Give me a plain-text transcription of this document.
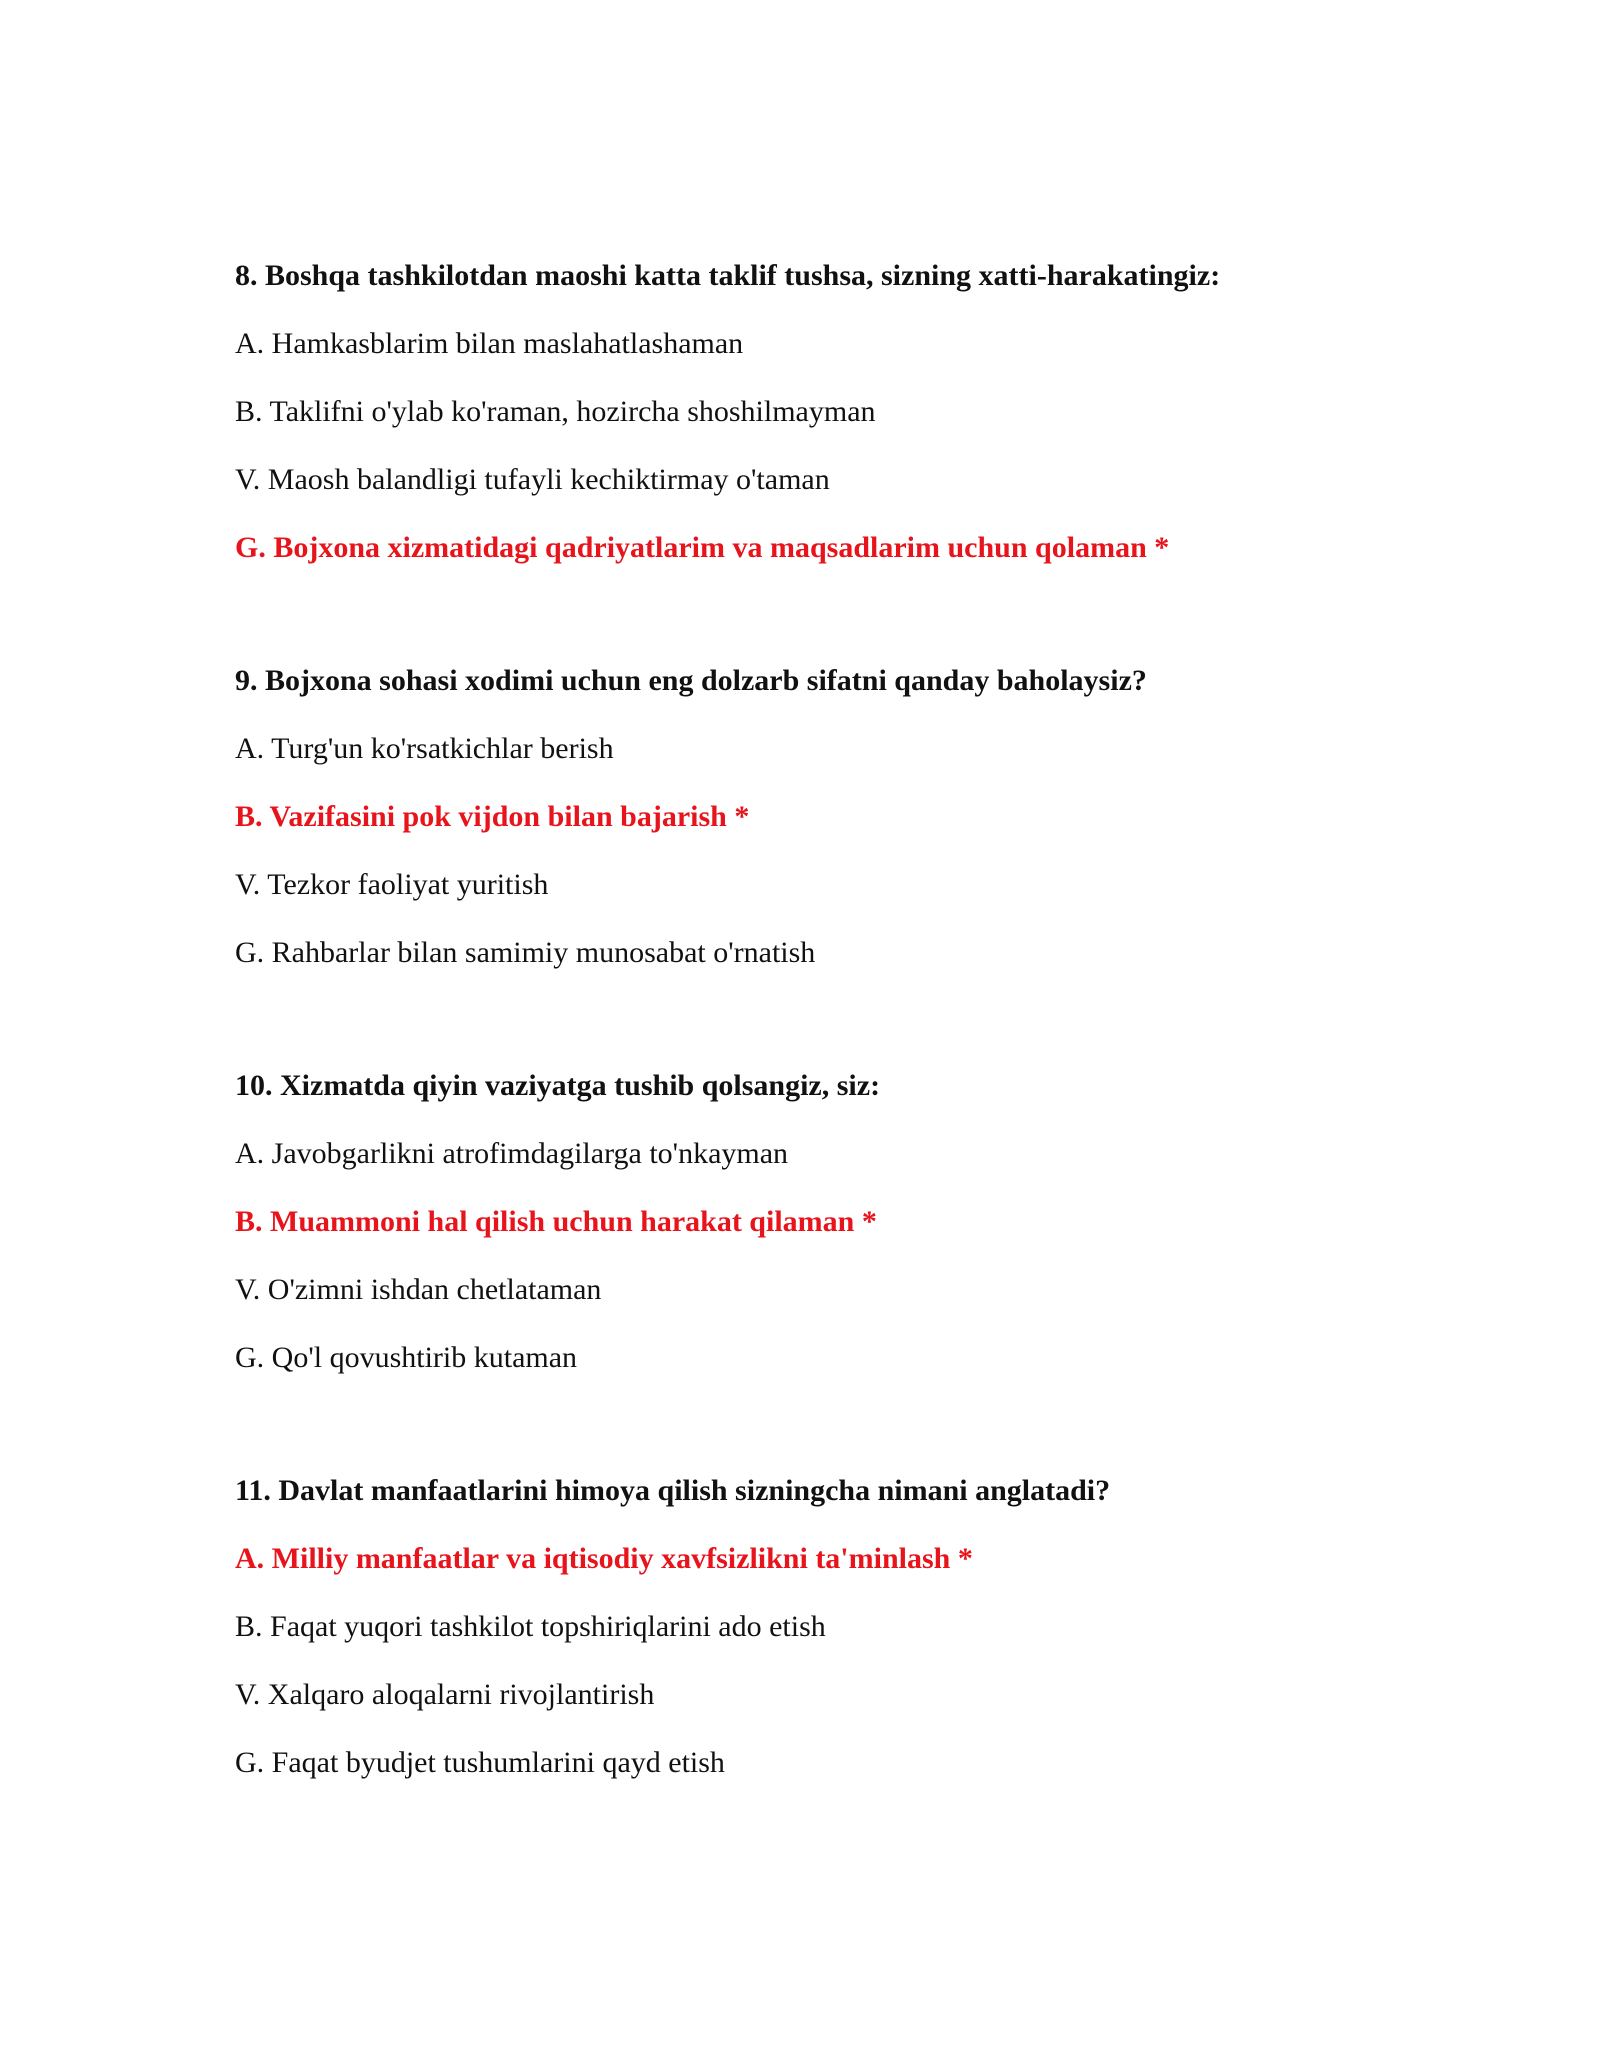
8. Boshqa tashkilotdan maoshi katta taklif tushsa, sizning xatti-harakatingiz:

A. Hamkasblarim bilan maslahatlashaman

B. Taklifni o'ylab ko'raman, hozircha shoshilmayman

V. Maosh balandligi tufayli kechiktirmay o'taman

G. Bojxona xizmatidagi qadriyatlarim va maqsadlarim uchun qolaman *

9. Bojxona sohasi xodimi uchun eng dolzarb sifatni qanday baholaysiz?

A. Turg'un ko'rsatkichlar berish

B. Vazifasini pok vijdon bilan bajarish *

V. Tezkor faoliyat yuritish

G. Rahbarlar bilan samimiy munosabat o'rnatish

10. Xizmatda qiyin vaziyatga tushib qolsangiz, siz:

A. Javobgarlikni atrofimdagilarga to'nkayman

B. Muammoni hal qilish uchun harakat qilaman *

V. O'zimni ishdan chetlataman

G. Qo'l qovushtirib kutaman

11. Davlat manfaatlarini himoya qilish sizningcha nimani anglatadi?

A. Milliy manfaatlar va iqtisodiy xavfsizlikni ta'minlash *

B. Faqat yuqori tashkilot topshiriqlarini ado etish

V. Xalqaro aloqalarni rivojlantirish

G. Faqat byudjet tushumlarini qayd etish
